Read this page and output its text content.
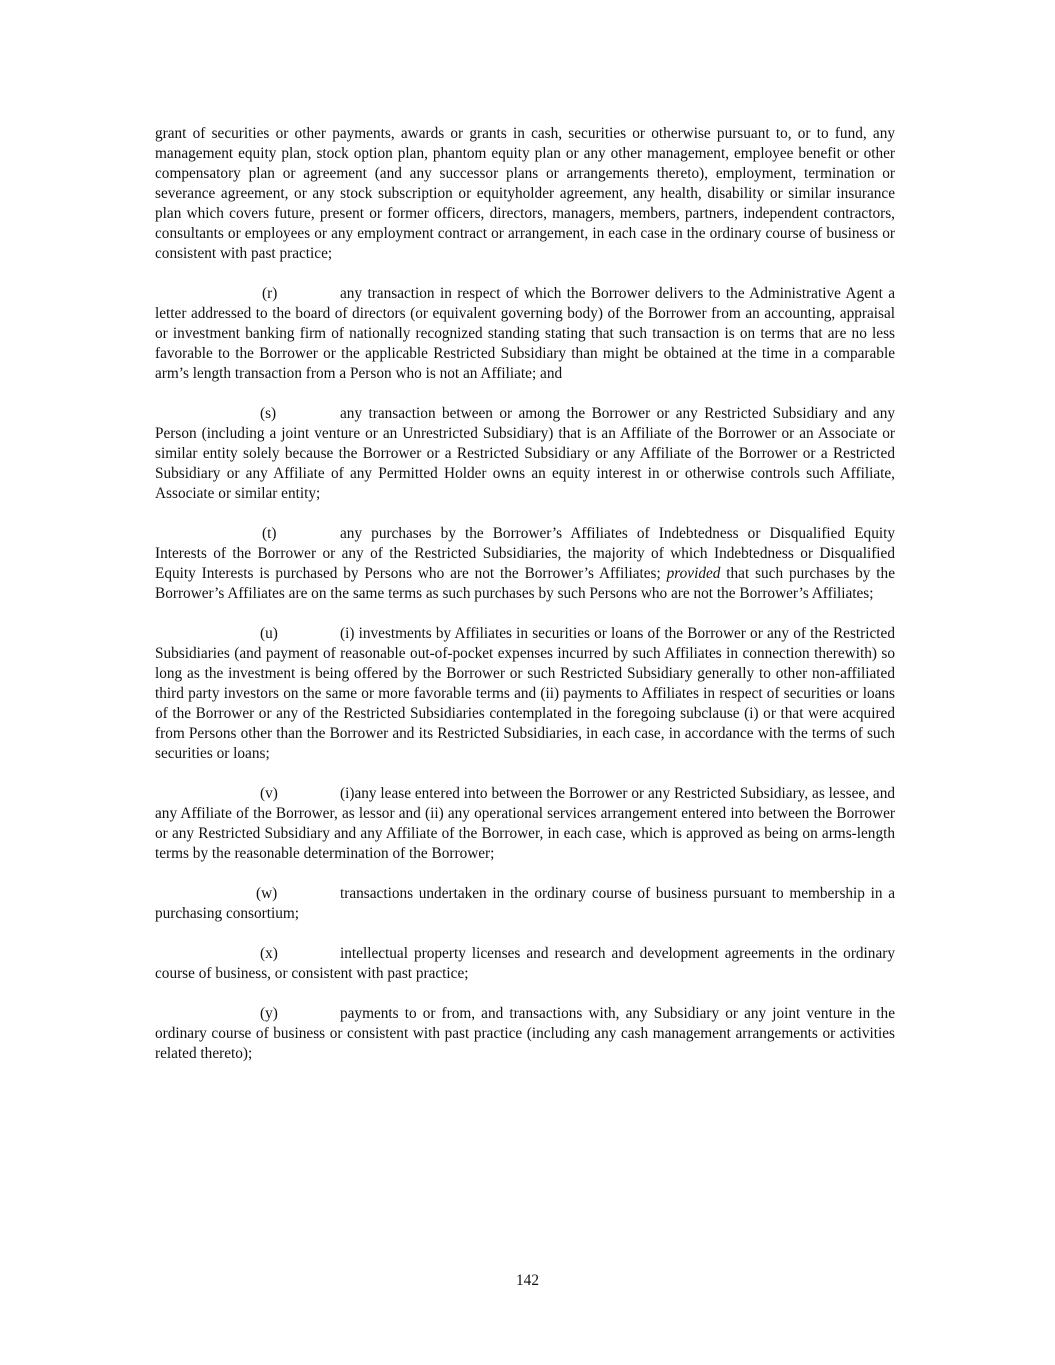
grant of securities or other payments, awards or grants in cash, securities or otherwise pursuant to, or to fund, any management equity plan, stock option plan, phantom equity plan or any other management, employee benefit or other compensatory plan or agreement (and any successor plans or arrangements thereto), employment, termination or severance agreement, or any stock subscription or equityholder agreement, any health, disability or similar insurance plan which covers future, present or former officers, directors, managers, members, partners, independent contractors, consultants or employees or any employment contract or arrangement, in each case in the ordinary course of business or consistent with past practice;

(r)	any transaction in respect of which the Borrower delivers to the Administrative Agent a letter addressed to the board of directors (or equivalent governing body) of the Borrower from an accounting, appraisal or investment banking firm of nationally recognized standing stating that such transaction is on terms that are no less favorable to the Borrower or the applicable Restricted Subsidiary than might be obtained at the time in a comparable arm’s length transaction from a Person who is not an Affiliate; and

(s)	any transaction between or among the Borrower or any Restricted Subsidiary and any Person (including a joint venture or an Unrestricted Subsidiary) that is an Affiliate of the Borrower or an Associate or similar entity solely because the Borrower or a Restricted Subsidiary or any Affiliate of the Borrower or a Restricted Subsidiary or any Affiliate of any Permitted Holder owns an equity interest in or otherwise controls such Affiliate, Associate or similar entity;

(t)	any purchases by the Borrower’s Affiliates of Indebtedness or Disqualified Equity Interests of the Borrower or any of the Restricted Subsidiaries, the majority of which Indebtedness or Disqualified Equity Interests is purchased by Persons who are not the Borrower’s Affiliates; provided that such purchases by the Borrower’s Affiliates are on the same terms as such purchases by such Persons who are not the Borrower’s Affiliates;

(u)	(i) investments by Affiliates in securities or loans of the Borrower or any of the Restricted Subsidiaries (and payment of reasonable out-of-pocket expenses incurred by such Affiliates in connection therewith) so long as the investment is being offered by the Borrower or such Restricted Subsidiary generally to other non-affiliated third party investors on the same or more favorable terms and (ii) payments to Affiliates in respect of securities or loans of the Borrower or any of the Restricted Subsidiaries contemplated in the foregoing subclause (i) or that were acquired from Persons other than the Borrower and its Restricted Subsidiaries, in each case, in accordance with the terms of such securities or loans;

(v)	(i)any lease entered into between the Borrower or any Restricted Subsidiary, as lessee, and any Affiliate of the Borrower, as lessor and (ii) any operational services arrangement entered into between the Borrower or any Restricted Subsidiary and any Affiliate of the Borrower, in each case, which is approved as being on arms-length terms by the reasonable determination of the Borrower;

(w)	transactions undertaken in the ordinary course of business pursuant to membership in a purchasing consortium;

(x)	intellectual property licenses and research and development agreements in the ordinary course of business, or consistent with past practice;

(y)	payments to or from, and transactions with, any Subsidiary or any joint venture in the ordinary course of business or consistent with past practice (including any cash management arrangements or activities related thereto);

142
